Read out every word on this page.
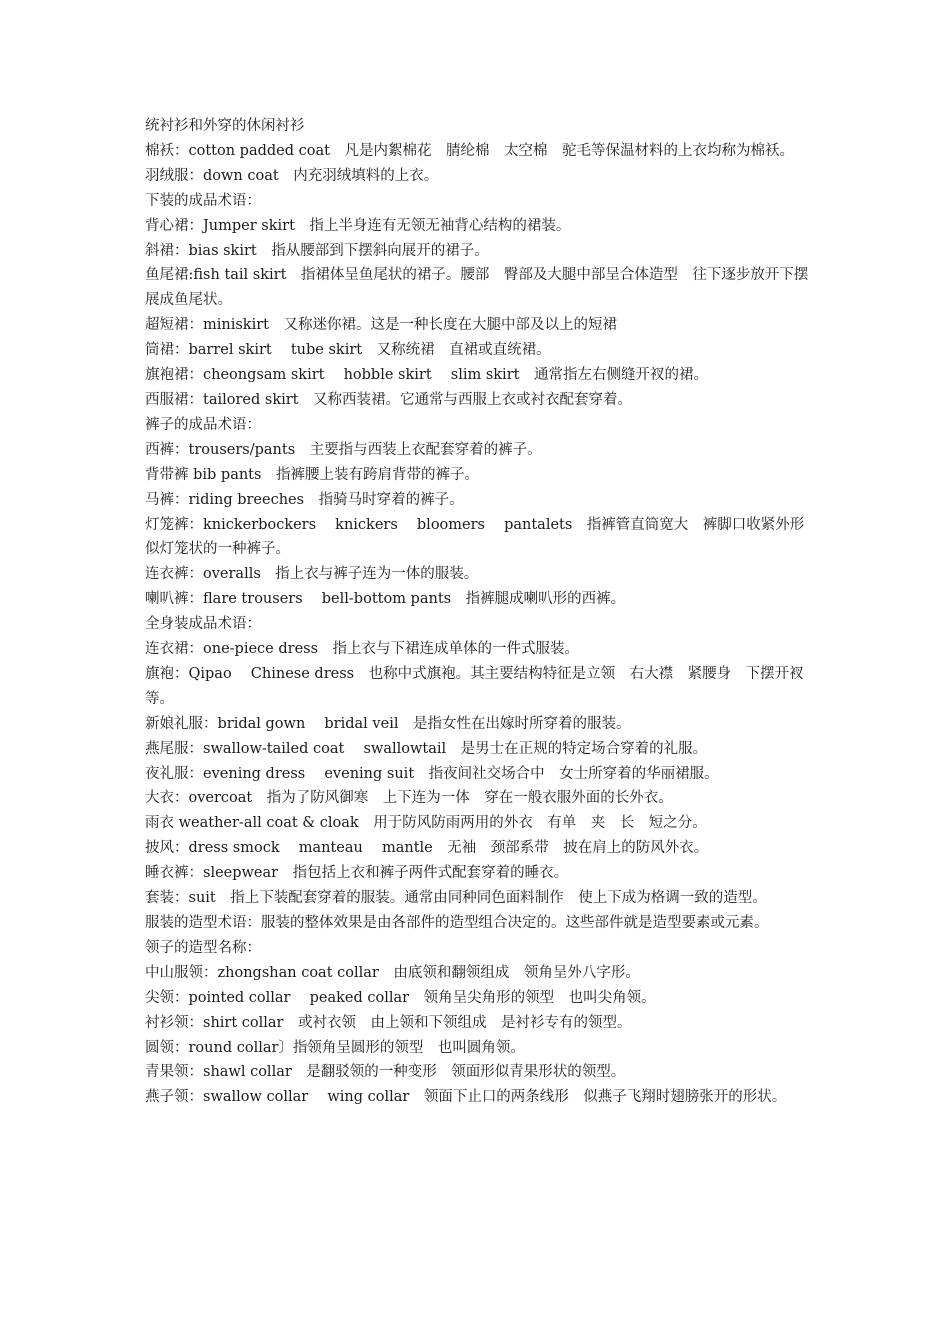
统衬衫和外穿的休闲衬衫

棉袄：cotton padded coat　凡是内絮棉花　腈纶棉　太空棉　驼毛等保温材料的上衣均称为棉袄。

羽绒服：down coat　内充羽绒填料的上衣。

下装的成品术语：

背心裙：Jumper skirt　指上半身连有无领无袖背心结构的裙装。

斜裙：bias skirt　指从腰部到下摆斜向展开的裙子。

鱼尾裙:fish tail skirt　指裙体呈鱼尾状的裙子。腰部　臀部及大腿中部呈合体造型　往下逐步放开下摆展成鱼尾状。

超短裙：miniskirt　又称迷你裙。这是一种长度在大腿中部及以上的短裙

筒裙：barrel skirt　 tube skirt　又称统裙　直裙或直统裙。

旗袍裙：cheongsam skirt　 hobble skirt　 slim skirt　通常指左右侧缝开衩的裙。

西服裙：tailored skirt　又称西装裙。它通常与西服上衣或衬衣配套穿着。

裤子的成品术语：

西裤：trousers/pants　主要指与西装上衣配套穿着的裤子。

背带裤 bib pants　指裤腰上装有跨肩背带的裤子。

马裤：riding breeches　指骑马时穿着的裤子。

灯笼裤：knickerbockers　 knickers　 bloomers　 pantalets　指裤管直筒宽大　裤脚口收紧外形似灯笼状的一种裤子。

连衣裤：overalls　指上衣与裤子连为一体的服装。

喇叭裤：flare trousers　 bell-bottom pants　指裤腿成喇叭形的西裤。

全身装成品术语：

连衣裙：one-piece dress　指上衣与下裙连成单体的一件式服装。

旗袍：Qipao　 Chinese dress　也称中式旗袍。其主要结构特征是立领　右大襟　紧腰身　下摆开衩等。

新娘礼服：bridal gown　 bridal veil　是指女性在出嫁时所穿着的服装。

燕尾服：swallow-tailed coat　 swallowtail　是男士在正规的特定场合穿着的礼服。

夜礼服：evening dress　 evening suit　指夜间社交场合中　女士所穿着的华丽裙服。

大衣：overcoat　指为了防风御寒　上下连为一体　穿在一般衣服外面的长外衣。

雨衣 weather-all coat & cloak　用于防风防雨两用的外衣　有单　夹　长　短之分。

披风：dress smock　 manteau　 mantle　无袖　颈部系带　披在肩上的防风外衣。

睡衣裤：sleepwear　指包括上衣和裤子两件式配套穿着的睡衣。

套装：suit　指上下装配套穿着的服装。通常由同种同色面料制作　使上下成为格调一致的造型。

服装的造型术语：服装的整体效果是由各部件的造型组合决定的。这些部件就是造型要素或元素。

领子的造型名称：

中山服领：zhongshan coat collar　由底领和翻领组成　领角呈外八字形。

尖领：pointed collar　 peaked collar　领角呈尖角形的领型　也叫尖角领。

衬衫领：shirt collar　或衬衣领　由上领和下领组成　是衬衫专有的领型。

圆领：round collar〕指领角呈圆形的领型　也叫圆角领。

青果领：shawl collar　是翻驳领的一种变形　领面形似青果形状的领型。

燕子领：swallow collar　 wing collar　领面下止口的两条线形　似燕子飞翔时翅膀张开的形状。
